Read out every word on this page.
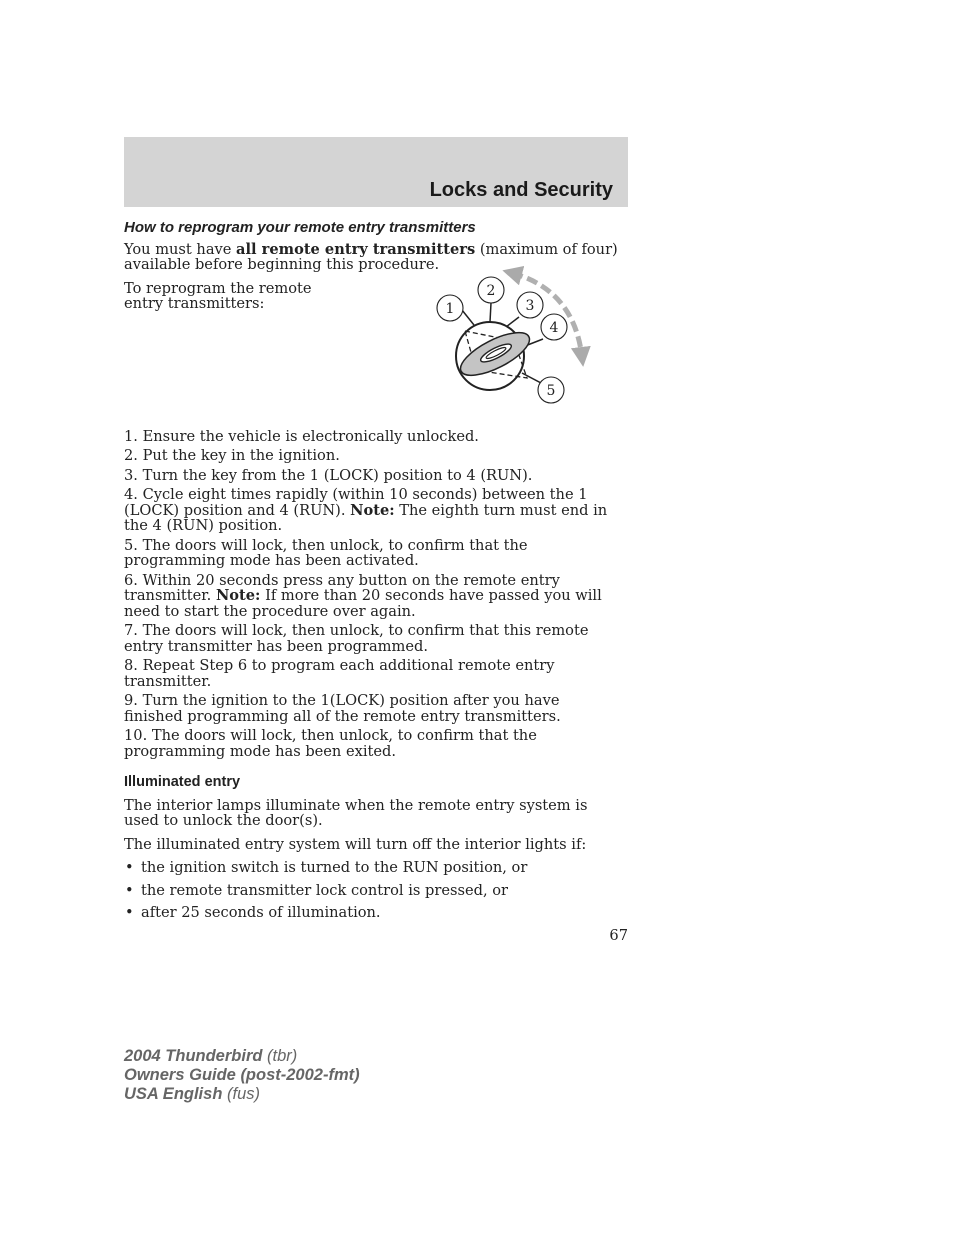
Locks and Security
How to reprogram your remote entry transmitters

You must have all remote entry transmitters (maximum of four) available before beginning this procedure.

To reprogram the remote entry transmitters:	1
2
3
4
5

1. Ensure the vehicle is electronically unlocked.

2. Put the key in the ignition.

3. Turn the key from the 1 (LOCK) position to 4 (RUN).

4. Cycle eight times rapidly (within 10 seconds) between the 1 (LOCK) position and 4 (RUN). Note: The eighth turn must end in the 4 (RUN) position.

5. The doors will lock, then unlock, to confirm that the programming mode has been activated.

6. Within 20 seconds press any button on the remote entry transmitter. Note: If more than 20 seconds have passed you will need to start the procedure over again.

7. The doors will lock, then unlock, to confirm that this remote entry transmitter has been programmed.

8. Repeat Step 6 to program each additional remote entry transmitter.

9. Turn the ignition to the 1(LOCK) position after you have finished programming all of the remote entry transmitters.

10. The doors will lock, then unlock, to confirm that the programming mode has been exited.

Illuminated entry

The interior lamps illuminate when the remote entry system is used to unlock the door(s).

The illuminated entry system will turn off the interior lights if:

• the ignition switch is turned to the RUN position, or
• the remote transmitter lock control is pressed, or
• after 25 seconds of illumination.
67
2004 Thunderbird (tbr)
Owners Guide (post-2002-fmt)
USA English (fus)
